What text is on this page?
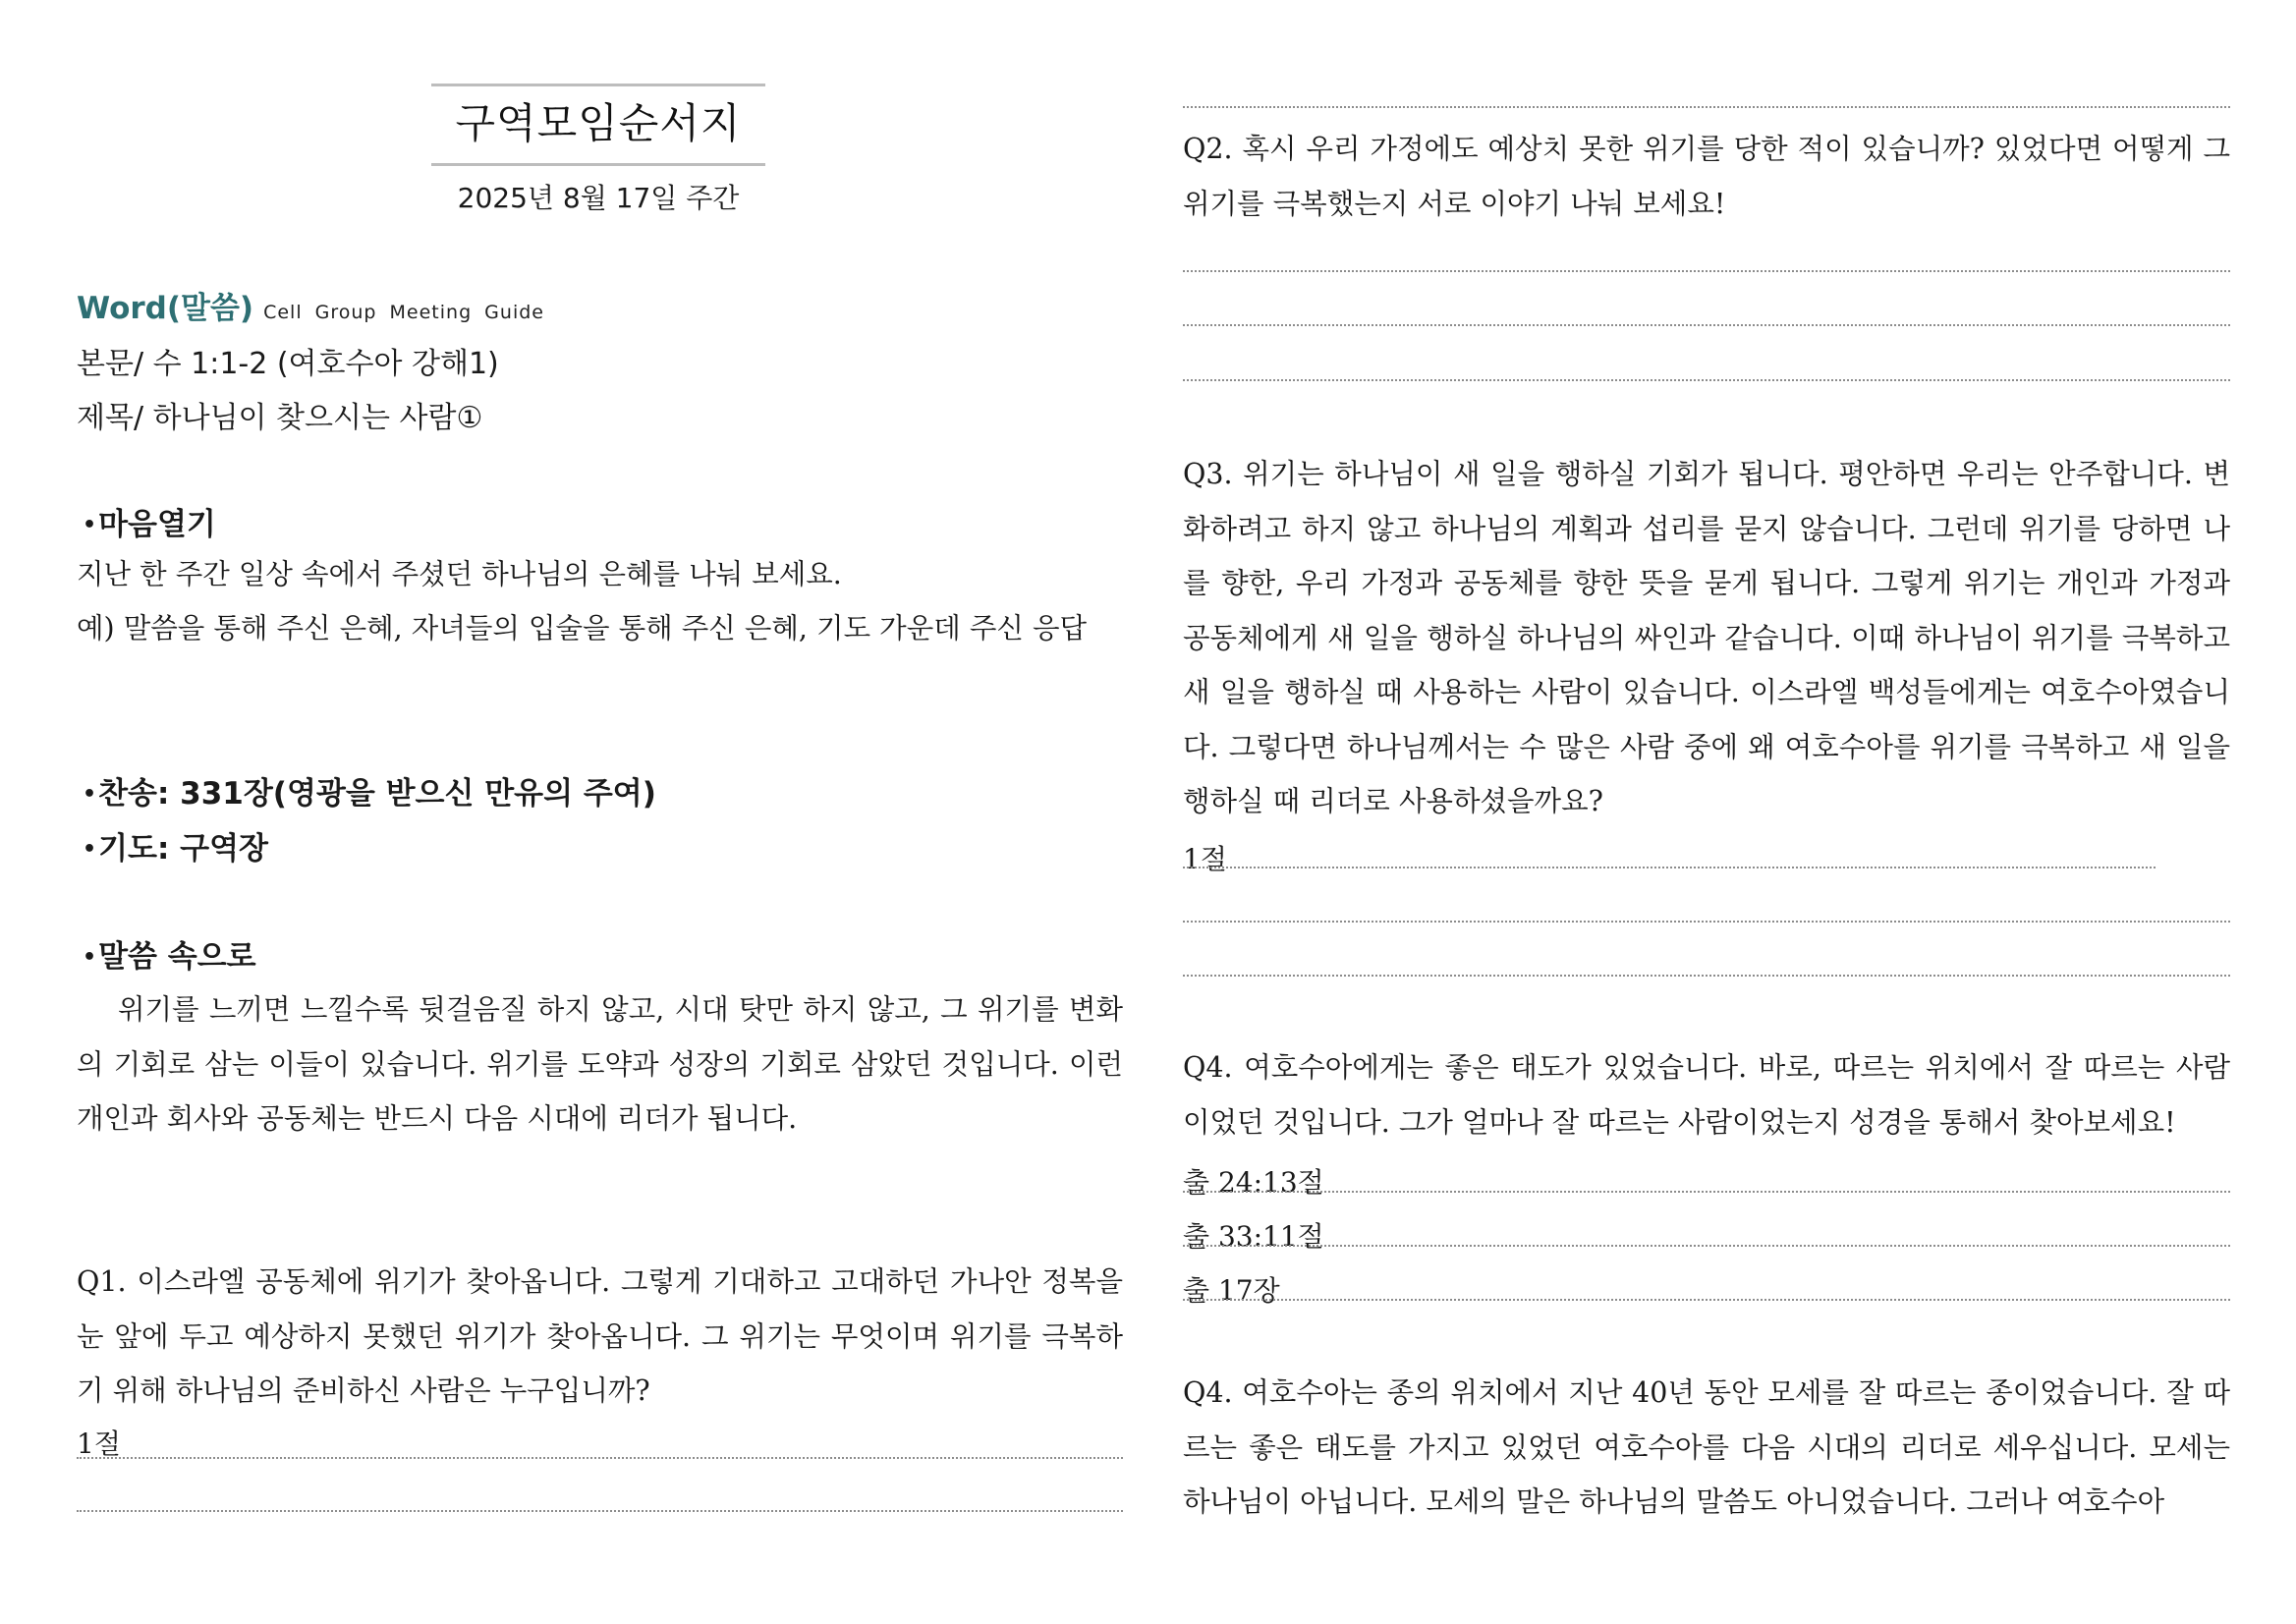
구역모임순서지
2025년 8월 17일 주간
Word(말씀) Cell Group Meeting Guide
본문/ 수 1:1-2 (여호수아 강해1)
제목/ 하나님이 찾으시는 사람①
•마음열기
지난 한 주간 일상 속에서 주셨던 하나님의 은혜를 나눠 보세요.
예) 말씀을 통해 주신 은혜, 자녀들의 입술을 통해 주신 은혜, 기도 가운데 주신 응답
•찬송: 331장(영광을 받으신 만유의 주여)
•기도: 구역장
•말씀 속으로
위기를 느끼면 느낄수록 뒷걸음질 하지 않고, 시대 탓만 하지 않고, 그 위기를 변화의 기회로 삼는 이들이 있습니다. 위기를 도약과 성장의 기회로 삼았던 것입니다. 이런 개인과 회사와 공동체는 반드시 다음 시대에 리더가 됩니다.
Q1. 이스라엘 공동체에 위기가 찾아옵니다. 그렇게 기대하고 고대하던 가나안 정복을 눈 앞에 두고 예상하지 못했던 위기가 찾아옵니다. 그 위기는 무엇이며 위기를 극복하기 위해 하나님의 준비하신 사람은 누구입니까?
1절
Q2. 혹시 우리 가정에도 예상치 못한 위기를 당한 적이 있습니까? 있었다면 어떻게 그 위기를 극복했는지 서로 이야기 나눠 보세요!
Q3. 위기는 하나님이 새 일을 행하실 기회가 됩니다. 평안하면 우리는 안주합니다. 변화하려고 하지 않고 하나님의 계획과 섭리를 묻지 않습니다. 그런데 위기를 당하면 나를 향한, 우리 가정과 공동체를 향한 뜻을 묻게 됩니다. 그렇게 위기는 개인과 가정과 공동체에게 새 일을 행하실 하나님의 싸인과 같습니다. 이때 하나님이 위기를 극복하고 새 일을 행하실 때 사용하는 사람이 있습니다. 이스라엘 백성들에게는 여호수아였습니다. 그렇다면 하나님께서는 수 많은 사람 중에 왜 여호수아를 위기를 극복하고 새 일을 행하실 때 리더로 사용하셨을까요?
1절
Q4. 여호수아에게는 좋은 태도가 있었습니다. 바로, 따르는 위치에서 잘 따르는 사람이었던 것입니다. 그가 얼마나 잘 따르는 사람이었는지 성경을 통해서 찾아보세요!
출 24:13절
출 33:11절
출 17장
Q4. 여호수아는 종의 위치에서 지난 40년 동안 모세를 잘 따르는 종이었습니다. 잘 따르는 좋은 태도를 가지고 있었던 여호수아를 다음 시대의 리더로 세우십니다. 모세는 하나님이 아닙니다. 모세의 말은 하나님의 말씀도 아니었습니다. 그러나 여호수아
